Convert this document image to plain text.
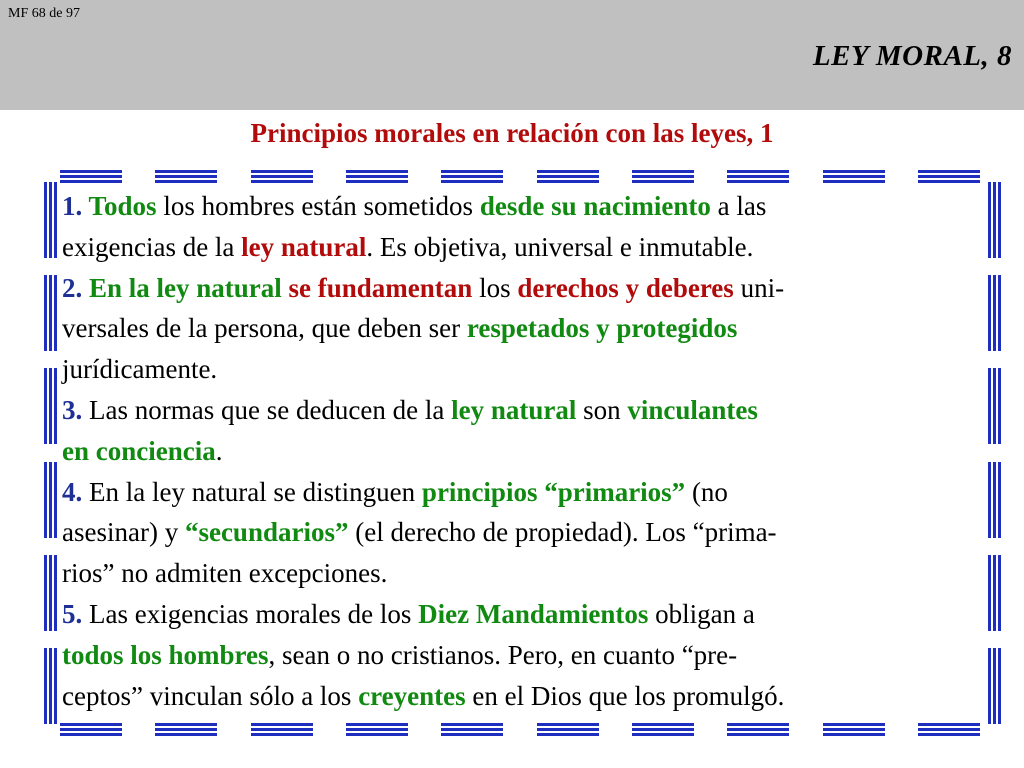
MF 68 de 97
LEY MORAL, 8
Principios morales en relación con las leyes, 1
1. Todos los hombres están sometidos desde su nacimiento a las
exigencias de la ley natural. Es objetiva, universal e inmutable.
2. En la ley natural se fundamentan los derechos y deberes uni-
versales de la persona, que deben ser respetados y protegidos
jurídicamente.
3. Las normas que se deducen de la ley natural son vinculantes
en conciencia.
4. En la ley natural se distinguen principios “primarios” (no
asesinar) y “secundarios” (el derecho de propiedad). Los “prima-
rios” no admiten excepciones.
5. Las exigencias morales de los Diez Mandamientos obligan a
todos los hombres, sean o no cristianos. Pero, en cuanto “pre-
ceptos” vinculan sólo a los creyentes en el Dios que los promulgó.
